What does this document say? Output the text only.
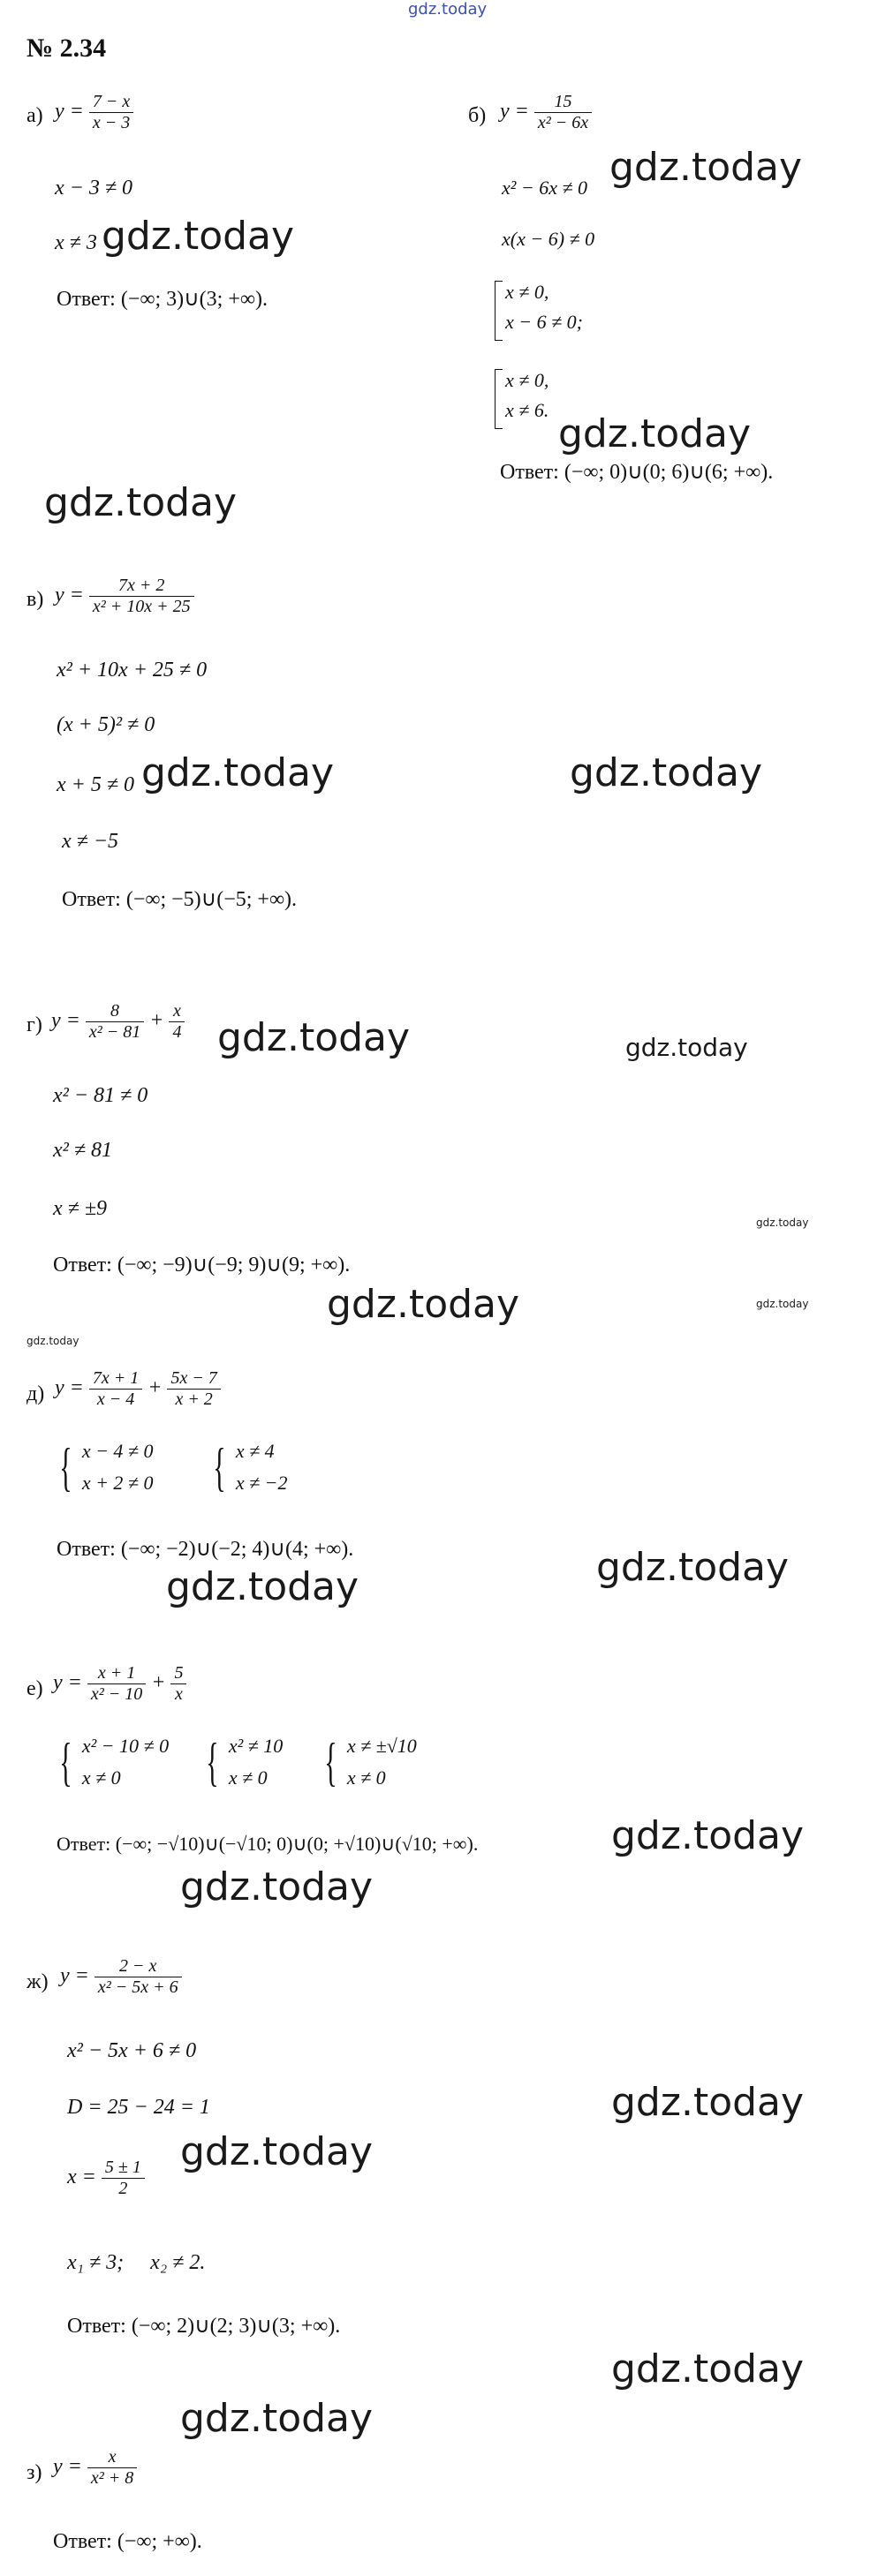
gdz.today
№ 2.34
а) $y = \frac{7 - x}{x - 3}$
x − 3 ≠ 0
x ≠ 3
Ответ: (−∞; 3)∪(3; +∞).
б) $y = \frac{15}{\text{x² − 6x}}$
x² − 6x ≠ 0
x(x − 6) ≠ 0
x ≠ 0,
x − 6 ≠ 0;
x ≠ 0,
x ≠ 6.
Ответ: (−∞; 0)∪(0; 6)∪(6; +∞).
в) $y = \frac{7x + 2}{\text{x² + 10x + 25}}$
x² + 10x + 25 ≠ 0
(x + 5)² ≠ 0
x + 5 ≠ 0
x ≠ −5
Ответ: (−∞; −5)∪(−5; +∞).
г) $y = \frac{8}{\text{x² − 81}} + \frac{x}{4}$
x² − 81 ≠ 0
x² ≠ 81
x ≠ ±9
Ответ: (−∞; −9)∪(−9; 9)∪(9; +∞).
д) $y = \frac{7x + 1}{x - 4} + \frac{5x - 7}{x + 2}$
{ x − 4 ≠ 0
x + 2 ≠ 0 { x ≠ 4
x ≠ −2
Ответ: (−∞; −2)∪(−2; 4)∪(4; +∞).
е) $y = \frac{x + 1}{\text{x² − 10}} + \frac{5}{x}$
{ x² − 10 ≠ 0
x ≠ 0	{ x² ≠ 10
x ≠ 0 { x ≠ ±√10
x ≠ 0
Ответ: (−∞; −√10)∪(−√10; 0)∪(0; +√10)∪(√10; +∞).
ж) $y = \frac{2 - x}{\text{x² − 5x + 6}}$
x² − 5x + 6 ≠ 0
D = 25 − 24 = 1
$x = \frac{5 \pm 1}{2}$
x₁ ≠ 3;     x₂ ≠ 2.
Ответ: (−∞; 2)∪(2; 3)∪(3; +∞).
з) $y = \frac{x}{\text{x² + 8}}$
Ответ: (−∞; +∞).
gdz.today
gdz.today
gdz.today
gdz.today
gdz.today	gdz.today
gdz.today	gdz.today
gdz.today
gdz.today	gdz.today
gdz.today
gdz.today
gdz.today
gdz.today
gdz.today
gdz.today
gdz.today
gdz.today
gdz.today
